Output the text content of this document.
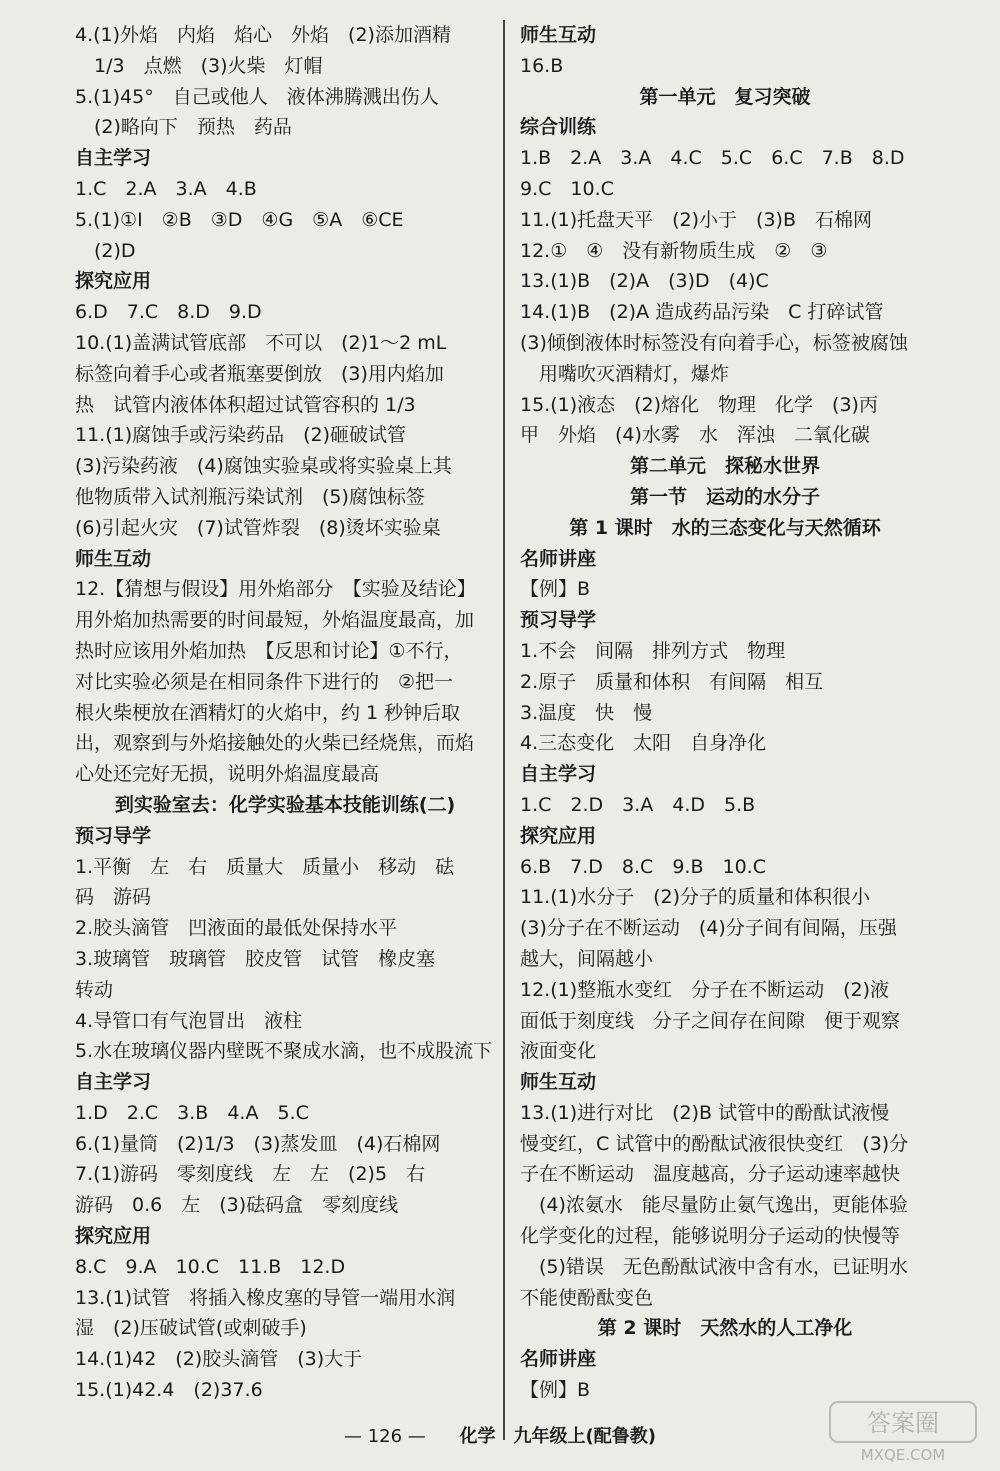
4.(1)外焰　内焰　焰心　外焰　(2)添加酒精
　1/3　点燃　(3)火柴　灯帽
5.(1)45°　自己或他人　液体沸腾溅出伤人
　(2)略向下　预热　药品
自主学习
1.C　2.A　3.A　4.B
5.(1)①I　②B　③D　④G　⑤A　⑥CE
　(2)D
探究应用
6.D　7.C　8.D　9.D
10.(1)盖满试管底部　不可以　(2)1～2 mL
标签向着手心或者瓶塞要倒放　(3)用内焰加
热　试管内液体体积超过试管容积的 1/3
11.(1)腐蚀手或污染药品　(2)砸破试管
(3)污染药液　(4)腐蚀实验桌或将实验桌上其
他物质带入试剂瓶污染试剂　(5)腐蚀标签
(6)引起火灾　(7)试管炸裂　(8)烫坏实验桌
师生互动
12.【猜想与假设】用外焰部分　【实验及结论】
用外焰加热需要的时间最短，外焰温度最高，加
热时应该用外焰加热　【反思和讨论】①不行，
对比实验必须是在相同条件下进行的　②把一
根火柴梗放在酒精灯的火焰中，约 1 秒钟后取
出，观察到与外焰接触处的火柴已经烧焦，而焰
心处还完好无损，说明外焰温度最高
到实验室去：化学实验基本技能训练(二)
预习导学
1.平衡　左　右　质量大　质量小　移动　砝
码　游码
2.胶头滴管　凹液面的最低处保持水平
3.玻璃管　玻璃管　胶皮管　试管　橡皮塞
转动
4.导管口有气泡冒出　液柱
5.水在玻璃仪器内壁既不聚成水滴，也不成股流下
自主学习
1.D　2.C　3.B　4.A　5.C
6.(1)量筒　(2)1/3　(3)蒸发皿　(4)石棉网
7.(1)游码　零刻度线　左　左　(2)5　右
游码　0.6　左　(3)砝码盒　零刻度线
探究应用
8.C　9.A　10.C　11.B　12.D
13.(1)试管　将插入橡皮塞的导管一端用水润
湿　(2)压破试管(或刺破手)
14.(1)42　(2)胶头滴管　(3)大于
15.(1)42.4　(2)37.6
师生互动
16.B
第一单元　复习突破
综合训练
1.B　2.A　3.A　4.C　5.C　6.C　7.B　8.D
9.C　10.C
11.(1)托盘天平　(2)小于　(3)B　石棉网
12.①　④　没有新物质生成　②　③
13.(1)B　(2)A　(3)D　(4)C
14.(1)B　(2)A 造成药品污染　C 打碎试管
(3)倾倒液体时标签没有向着手心，标签被腐蚀
　用嘴吹灭酒精灯，爆炸
15.(1)液态　(2)熔化　物理　化学　(3)丙
甲　外焰　(4)水雾　水　浑浊　二氧化碳
第二单元　探秘水世界
第一节　运动的水分子
第 1 课时　水的三态变化与天然循环
名师讲座
【例】B
预习导学
1.不会　间隔　排列方式　物理
2.原子　质量和体积　有间隔　相互
3.温度　快　慢
4.三态变化　太阳　自身净化
自主学习
1.C　2.D　3.A　4.D　5.B
探究应用
6.B　7.D　8.C　9.B　10.C
11.(1)水分子　(2)分子的质量和体积很小
(3)分子在不断运动　(4)分子间有间隔，压强
越大，间隔越小
12.(1)整瓶水变红　分子在不断运动　(2)液
面低于刻度线　分子之间存在间隙　便于观察
液面变化
师生互动
13.(1)进行对比　(2)B 试管中的酚酞试液慢
慢变红，C 试管中的酚酞试液很快变红　(3)分
子在不断运动　温度越高，分子运动速率越快
　(4)浓氨水　能尽量防止氨气逸出，更能体验
化学变化的过程，能够说明分子运动的快慢等
　(5)错误　无色酚酞试液中含有水，已证明水
不能使酚酞变色
第 2 课时　天然水的人工净化
名师讲座
【例】B
— 126 — 化学　九年级上(配鲁教)	答案圈
MXQE.COM
